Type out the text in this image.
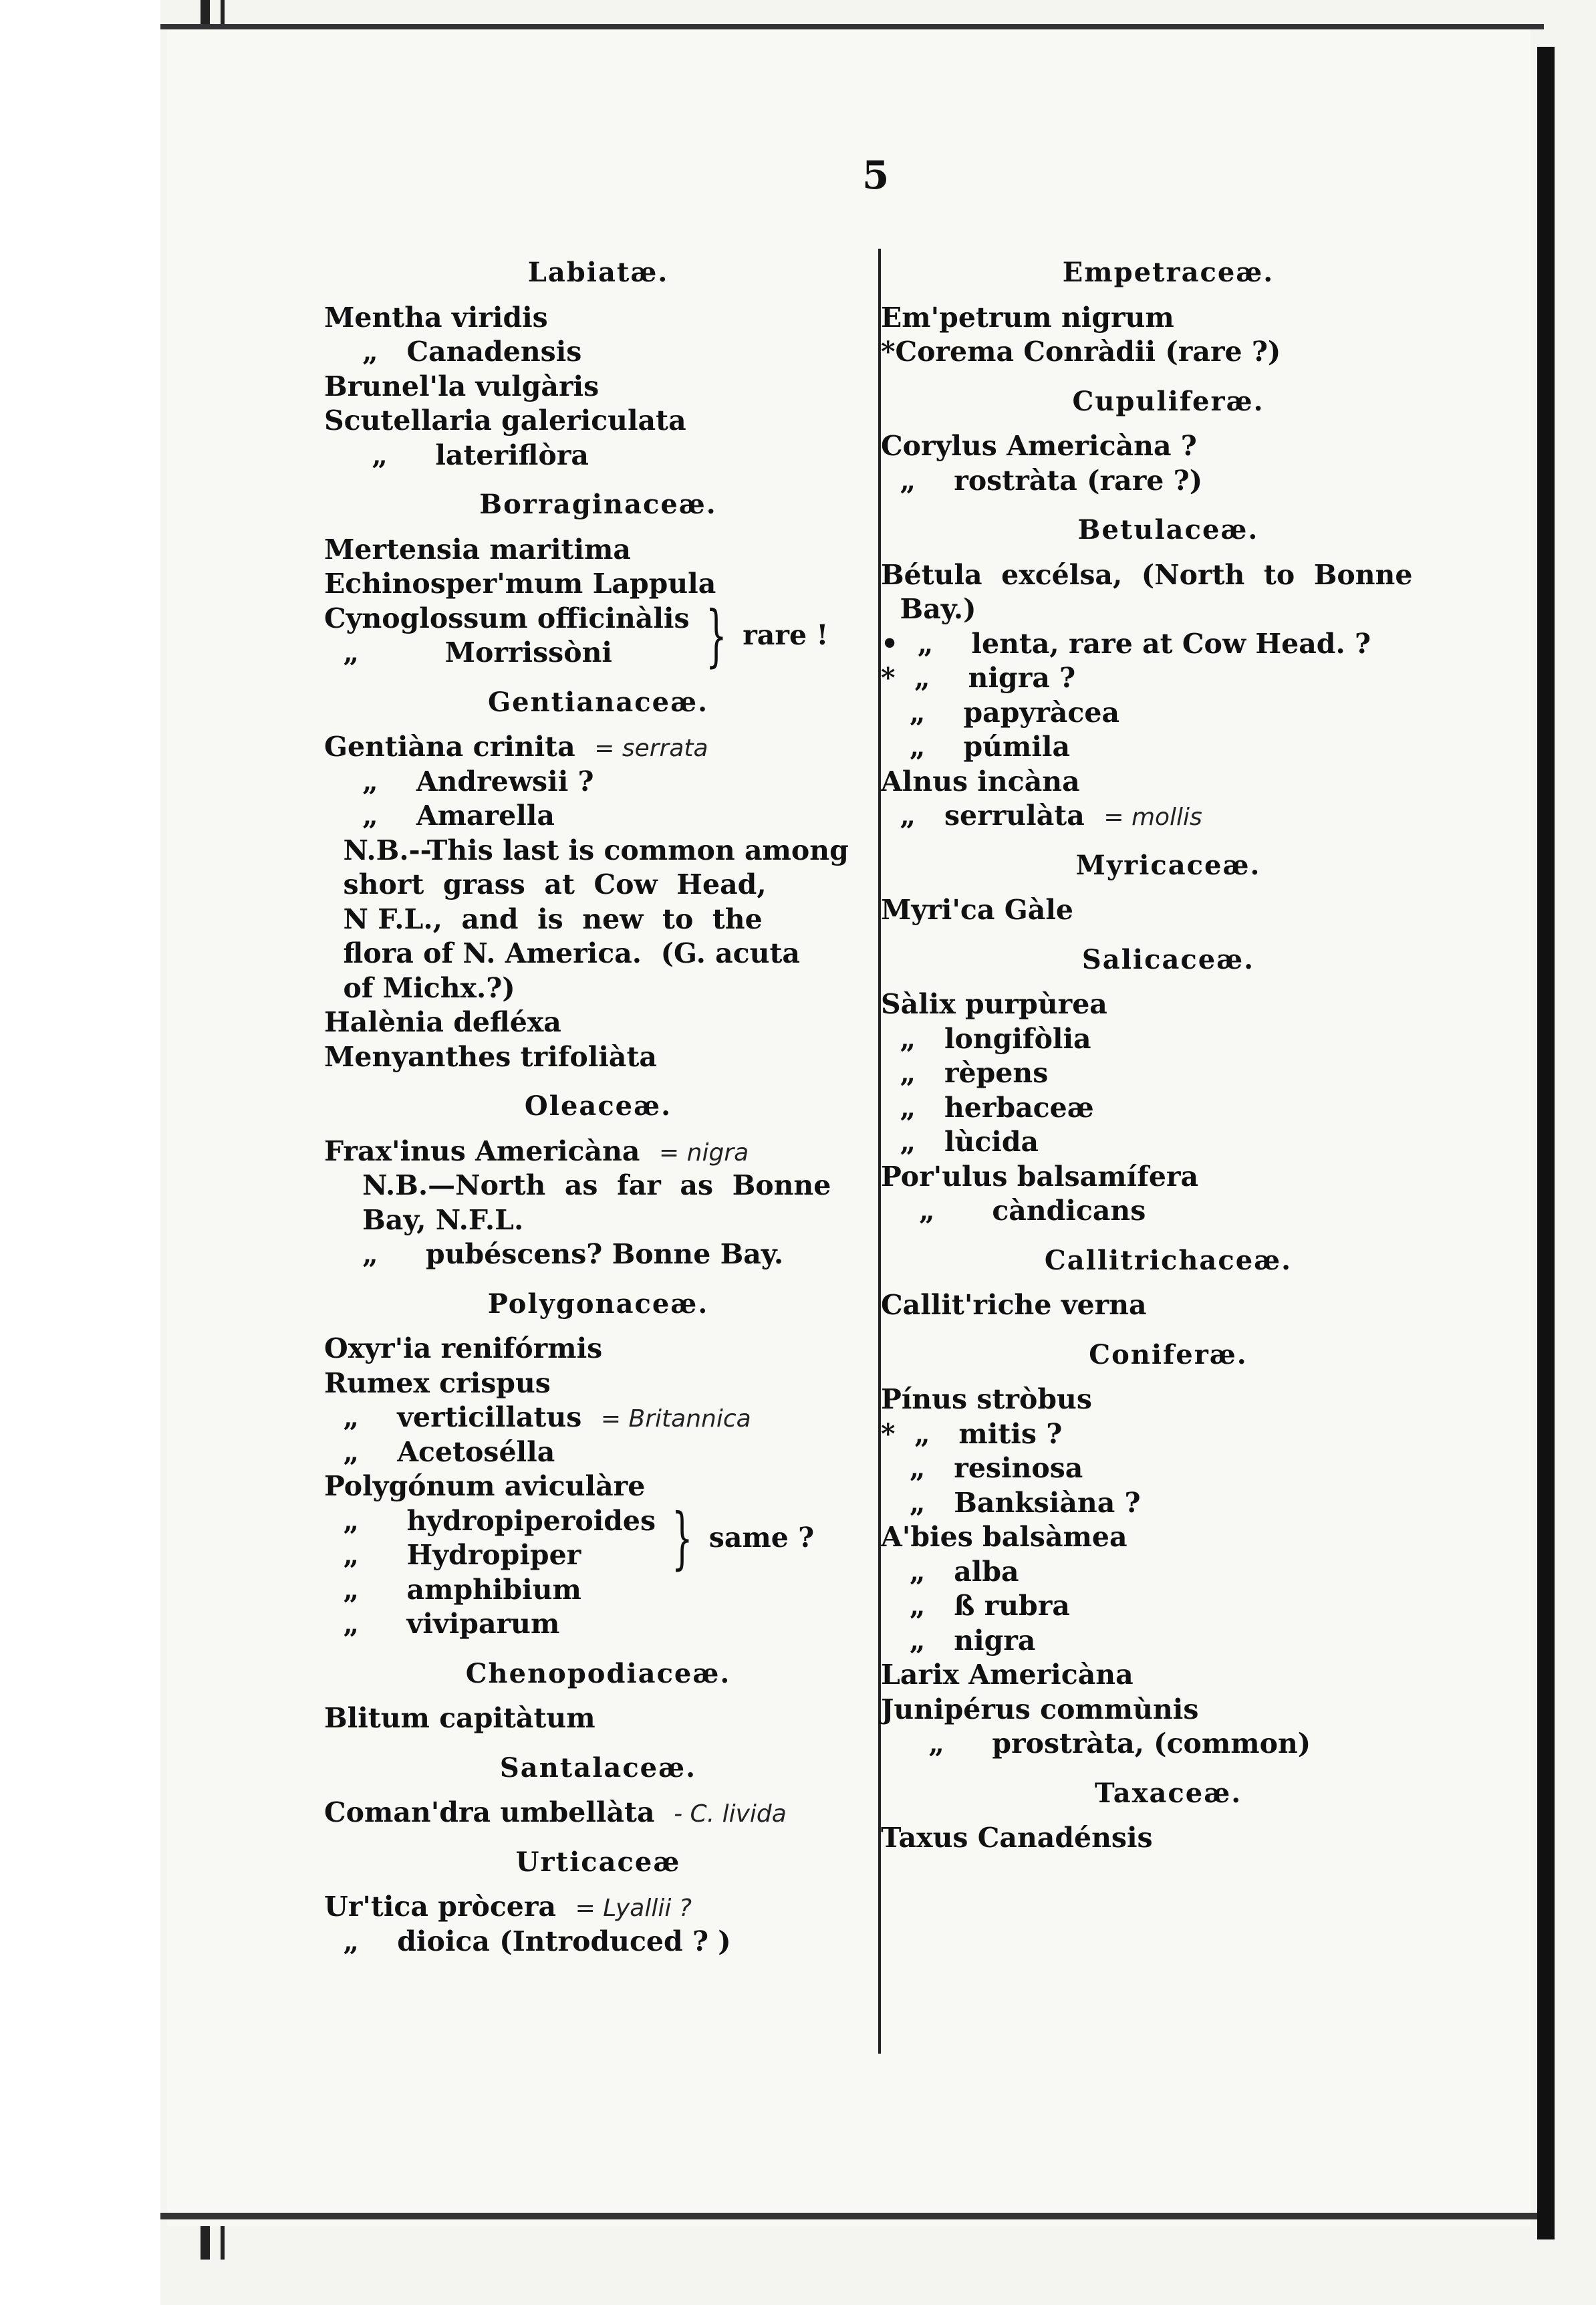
5
Labiatæ.
Mentha viridis
„   Canadensis
Brunel'la vulgàris
Scutellaria galericulata
„     lateriflòra
Borraginaceæ.
Mertensia maritima
Echinosper'mum Lappula
Cynoglossum officinàlis
„         Morrissòni	} rare !
Gentianaceæ.
Gentiàna crinita = serrata
„    Andrewsii ?
„    Amarella
N.B.--This last is common among
short  grass  at  Cow  Head,
N F.L.,  and  is  new  to  the
flora of N. America.  (G. acuta
of Michx.?)
Halènia defléxa
Menyanthes trifoliàta
Oleaceæ.
Frax'inus Americàna = nigra
N.B.—North  as  far  as  Bonne
Bay, N.F.L.
„     pubéscens? Bonne Bay.
Polygonaceæ.
Oxyr'ia renifórmis
Rumex crispus
„    verticillatus = Britannica
„    Acetosélla
Polygónum aviculàre
„     hydropiperoides
„     Hydropiper	} same ?
„     amphibium
„     viviparum
Chenopodiaceæ.
Blitum capitàtum
Santalaceæ.
Coman'dra umbellàta - C. livida
Urticaceæ
Ur'tica pròcera = Lyallii ?
„    dioica (Introduced ? )
Empetraceæ.
Em'petrum nigrum
*Corema Conràdii (rare ?)
Cupuliferæ.
Corylus Americàna ?
„    rostràta (rare ?)
Betulaceæ.
Bétula  excélsa,  (North  to  Bonne
Bay.)
•  „    lenta, rare at Cow Head. ?
*  „    nigra ?
„    papyràcea
„    púmila
Alnus incàna
„   serrulàta = mollis
Myricaceæ.
Myri'ca Gàle
Salicaceæ.
Sàlix purpùrea
„   longifòlia
„   rèpens
„   herbaceæ
„   lùcida
Por'ulus balsamífera
„      càndicans
Callitrichaceæ.
Callit'riche verna
Coniferæ.
Pínus stròbus
*  „   mitis ?
„   resinosa
„   Banksiàna ?
A'bies balsàmea
„   alba
„   ß rubra
„   nigra
Larix Americàna
Junipérus commùnis
„     prostràta, (common)
Taxaceæ.
Taxus Canadénsis
